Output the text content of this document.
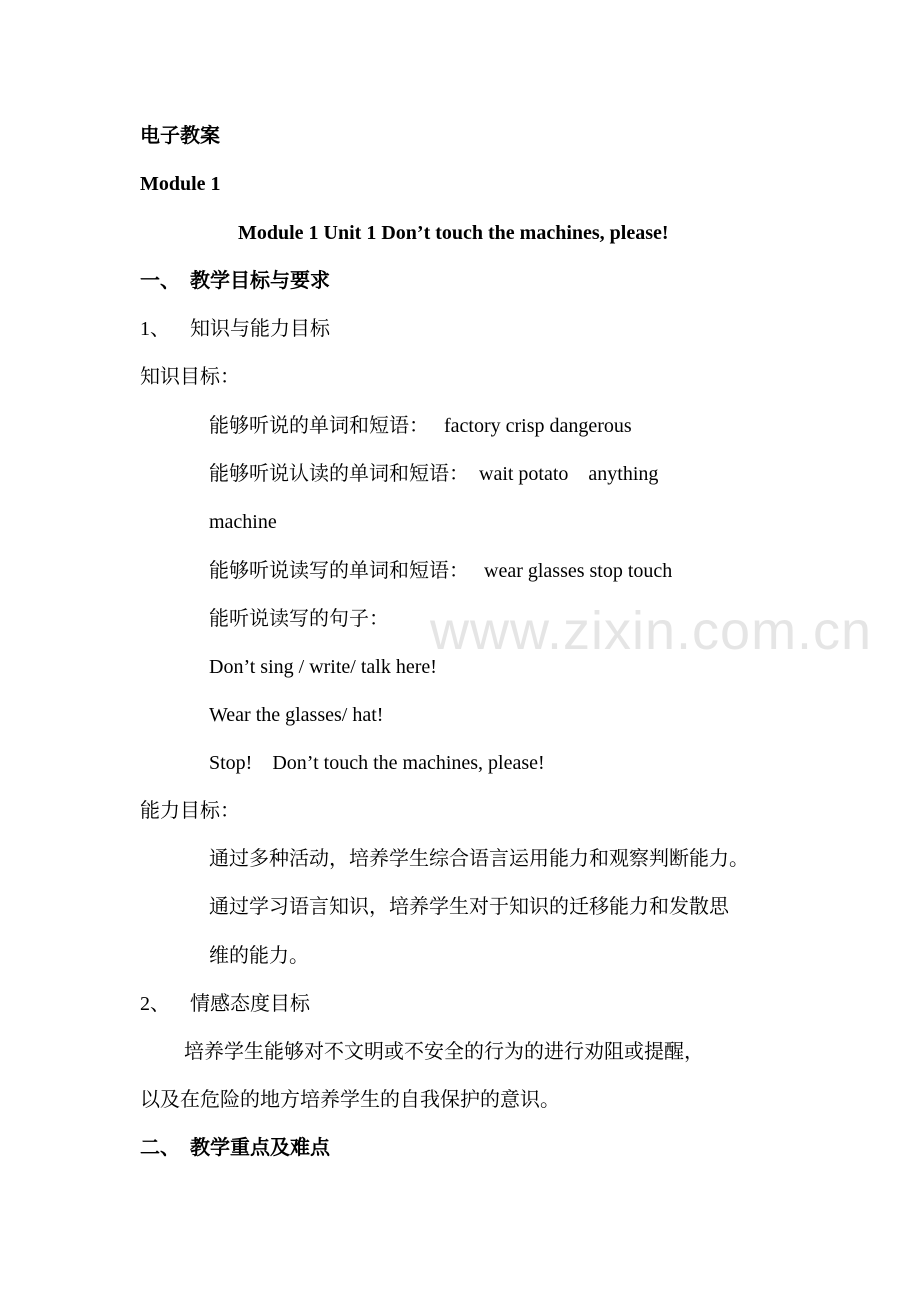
www.zixin.com.cn
电子教案
Module 1
Module 1 Unit 1 Don’t touch the machines, please!
一、  教学目标与要求
1、    知识与能力目标
知识目标：
能够听说的单词和短语：   factory crisp dangerous
能够听说认读的单词和短语：  wait potato    anything
machine
能够听说读写的单词和短语：   wear glasses stop touch
能听说读写的句子：
Don’t sing / write/ talk here!
Wear the glasses/ hat!
Stop!    Don’t touch the machines, please!
能力目标：
通过多种活动，培养学生综合语言运用能力和观察判断能力。
通过学习语言知识，培养学生对于知识的迁移能力和发散思
维的能力。
2、    情感态度目标
培养学生能够对不文明或不安全的行为的进行劝阻或提醒，
以及在危险的地方培养学生的自我保护的意识。
二、  教学重点及难点
